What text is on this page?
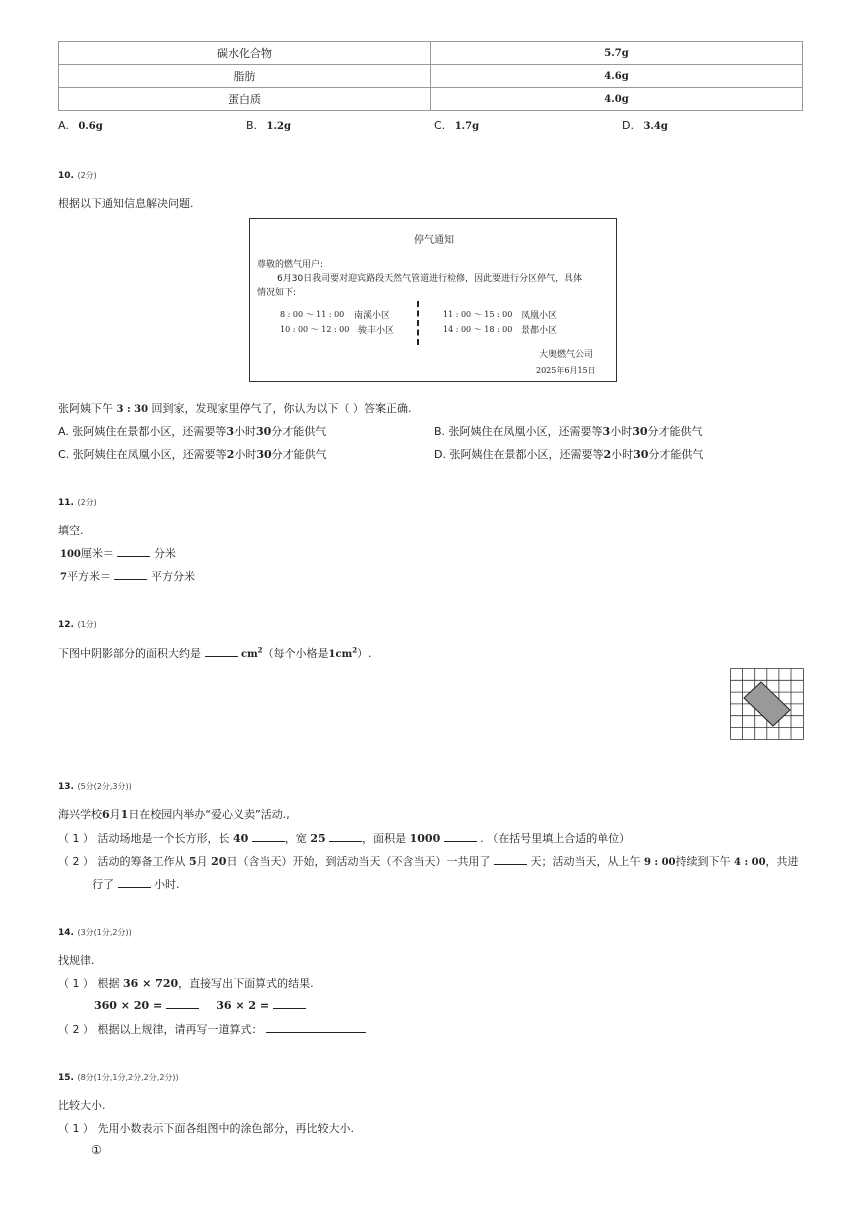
碳水化合物	5.7g
脂肪	4.6g
蛋白质	4.0g
A. 0.6g	B. 1.2g	C. 1.7g	D. 3.4g
10. (2分)
根据以下通知信息解决问题.
停气通知
尊敬的燃气用户:
6月30日我司要对迎宾路段天然气管道进行检修，因此要进行分区停气，具体
情况如下:
8 : 00 ～ 11 : 00 南溪小区
10 : 00 ～ 12 : 00 骏丰小区
11 : 00 ～ 15 : 00 凤凰小区
14 : 00 ～ 18 : 00 景都小区
大奥燃气公司
2025年6月15日
张阿姨下午 3 : 30 回到家，发现家里停气了，你认为以下（ ）答案正确.
A. 张阿姨住在景都小区，还需要等3小时30分才能供气	B. 张阿姨住在凤凰小区，还需要等3小时30分才能供气
C. 张阿姨住在凤凰小区，还需要等2小时30分才能供气	D. 张阿姨住在景都小区，还需要等2小时30分才能供气
11. (2分)
填空.
100厘米＝	分米
7平方米＝	平方分米
12. (1分)
下图中阴影部分的面积大约是	$cm^2$（每个小格是$1cm^2$）.
13. (5分(2分,3分))
海兴学校6月1日在校园内举办“爱心义卖”活动.,
（ 1 ） 活动场地是一个长方形，长 40	，宽 25	，面积是 1000	. （在括号里填上合适的单位）
（ 2 ） 活动的筹备工作从 5月 20日（含当天）开始，到活动当天（不含当天）一共用了	天；活动当天，从上午 9 : 00持续到下午 4 : 00，共进
行了	小时.
14. (3分(1分,2分))
找规律.
（ 1 ） 根据 36 × 720，直接写出下面算式的结果.
360 × 20 =	36 × 2 =
（ 2 ） 根据以上规律，请再写一道算式：
15. (8分(1分,1分,2分,2分,2分))
比较大小.
（ 1 ） 先用小数表示下面各组图中的涂色部分，再比较大小.
①
